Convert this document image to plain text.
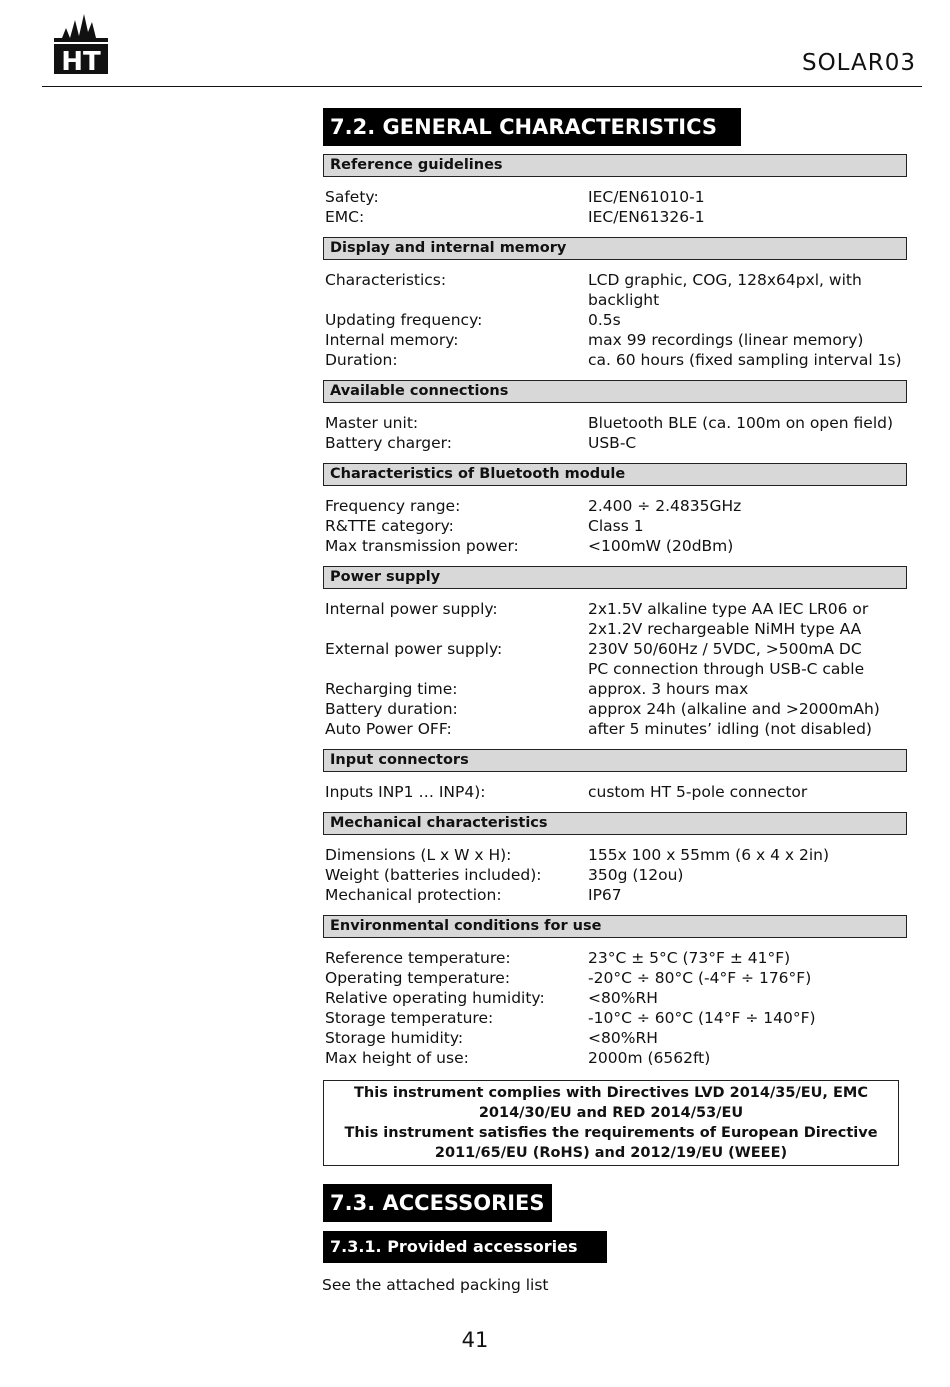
HT	SOLAR03
7.2. GENERAL CHARACTERISTICS
Reference guidelines
Safety:	IEC/EN61010-1
EMC:	IEC/EN61326-1
Display and internal memory
Characteristics:	LCD graphic, COG, 128x64pxl, with
backlight
Updating frequency:	0.5s
Internal memory:	max 99 recordings (linear memory)
Duration:	ca. 60 hours (fixed sampling interval 1s)
Available connections
Master unit:	Bluetooth BLE (ca. 100m on open field)
Battery charger:	USB-C
Characteristics of Bluetooth module
Frequency range:	2.400 ÷ 2.4835GHz
R&TTE category:	Class 1
Max transmission power:	<100mW (20dBm)
Power supply
Internal power supply:	2x1.5V alkaline type AA IEC LR06 or
2x1.2V rechargeable NiMH type AA
External power supply:	230V 50/60Hz / 5VDC, >500mA DC
PC connection through USB-C cable
Recharging time:	approx. 3 hours max
Battery duration:	approx 24h (alkaline and >2000mAh)
Auto Power OFF:	after 5 minutes’ idling (not disabled)
Input connectors
Inputs INP1 … INP4):	custom HT 5-pole connector
Mechanical characteristics
Dimensions (L x W x H):	155x 100 x 55mm (6 x 4 x 2in)
Weight (batteries included):	350g (12ou)
Mechanical protection:	IP67
Environmental conditions for use
Reference temperature:	23°C ± 5°C (73°F ± 41°F)
Operating temperature:	-20°C ÷ 80°C (-4°F ÷ 176°F)
Relative operating humidity:	<80%RH
Storage temperature:	-10°C ÷ 60°C (14°F ÷ 140°F)
Storage humidity:	<80%RH
Max height of use:	2000m (6562ft)
This instrument complies with Directives LVD 2014/35/EU, EMC
2014/30/EU and RED 2014/53/EU
This instrument satisfies the requirements of European Directive
2011/65/EU (RoHS) and 2012/19/EU (WEEE)
7.3. ACCESSORIES
7.3.1. Provided accessories
See the attached packing list
41
